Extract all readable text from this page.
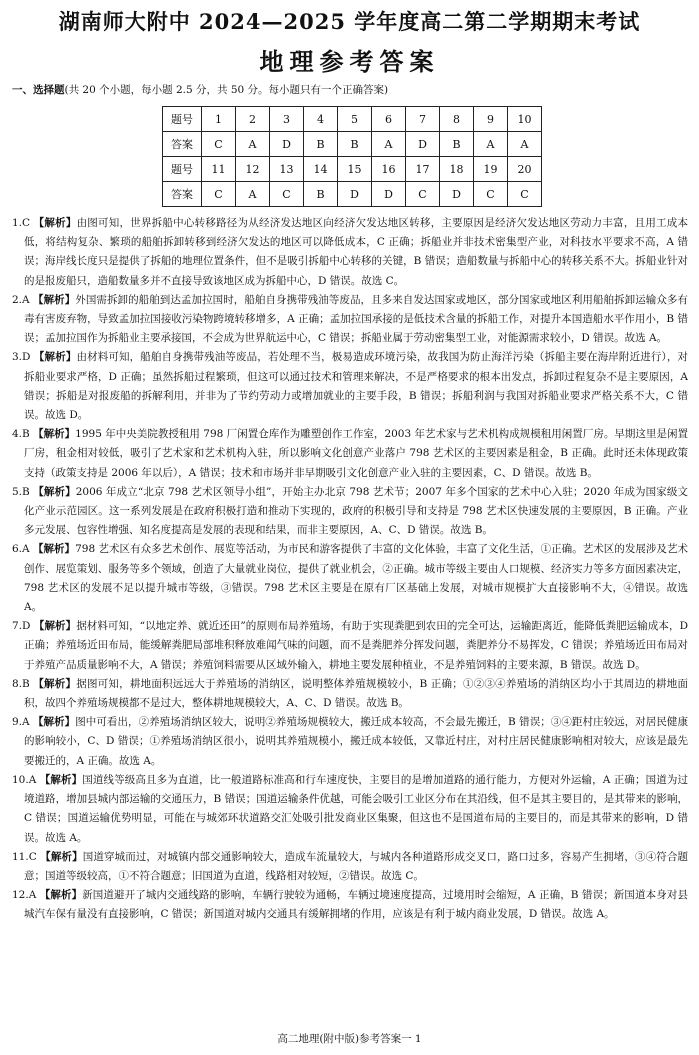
湖南师大附中 2024—2025 学年度高二第二学期期末考试
地理参考答案
一、选择题(共 20 个小题，每小题 2.5 分，共 50 分。每小题只有一个正确答案)
题号	1	2	3	4	5	6	7	8	9	10
答案	C	A	D	B	B	A	D	B	A	A
题号	11	12	13	14	15	16	17	18	19	20
答案	C	A	C	B	D	D	C	D	C	C

1.C 【解析】由图可知，世界拆船中心转移路径为从经济发达地区向经济欠发达地区转移，主要原因是经济欠发达地区劳动力丰富，且用工成本低，将结构复杂、繁琐的船舶拆卸转移到经济欠发达的地区可以降低成本，C 正确；拆船业并非技术密集型产业，对科技水平要求不高，A 错误；海岸线长度只是提供了拆船的地理位置条件，但不是吸引拆船中心转移的关键，B 错误；造船数量与拆船中心的转移关系不大。拆船业针对的是报废船只，造船数量多并不直接导致该地区成为拆船中心，D 错误。故选 C。

2.A 【解析】外国需拆卸的船舶到达孟加拉国时，船舶自身携带残油等废品，且多来自发达国家或地区，部分国家或地区利用船舶拆卸运输众多有毒有害废弃物，导致孟加拉国接收污染物跨境转移增多，A 正确；孟加拉国承接的是低技术含量的拆船工作，对提升本国造船水平作用小，B 错误；孟加拉国作为拆船业主要承接国，不会成为世界航运中心，C 错误；拆船业属于劳动密集型工业，对能源需求较小，D 错误。故选 A。

3.D 【解析】由材料可知，船舶自身携带残油等废品，若处理不当，极易造成环境污染，故我国为防止海洋污染（拆船主要在海岸附近进行），对拆船业要求严格，D 正确；虽然拆船过程繁琐，但这可以通过技术和管理来解决，不是严格要求的根本出发点，拆卸过程复杂不是主要原因，A 错误；拆船是对报废船的拆解利用，并非为了节约劳动力或增加就业的主要手段，B 错误；拆船利润与我国对拆船业要求严格关系不大，C 错误。故选 D。

4.B 【解析】1995 年中央美院教授租用 798 厂闲置仓库作为雕塑创作工作室，2003 年艺术家与艺术机构成规模租用闲置厂房。早期这里是闲置厂房，租金相对较低，吸引了艺术家和艺术机构入驻，所以影响文化创意产业落户 798 艺术区的主要因素是租金，B 正确。此时还未体现政策支持（政策支持是 2006 年以后），A 错误；技术和市场并非早期吸引文化创意产业入驻的主要因素，C、D 错误。故选 B。

5.B 【解析】2006 年成立“北京 798 艺术区领导小组”，开始主办北京 798 艺术节；2007 年多个国家的艺术中心入驻；2020 年成为国家级文化产业示范园区。这一系列发展是在政府积极打造和推动下实现的，政府的积极引导和支持是 798 艺术区快速发展的主要原因，B 正确。产业多元发展、包容性增强、知名度提高是发展的表现和结果，而非主要原因，A、C、D 错误。故选 B。

6.A 【解析】798 艺术区有众多艺术创作、展览等活动，为市民和游客提供了丰富的文化体验，丰富了文化生活，①正确。艺术区的发展涉及艺术创作、展览策划、服务等多个领域，创造了大量就业岗位，提供了就业机会，②正确。城市等级主要由人口规模、经济实力等多方面因素决定，798 艺术区的发展不足以提升城市等级，③错误。798 艺术区主要是在原有厂区基础上发展，对城市规模扩大直接影响不大，④错误。故选 A。

7.D 【解析】据材料可知，“以地定养、就近还田”的原则布局养殖场，有助于实现粪肥到农田的完全可达，运输距离近，能降低粪肥运输成本，D 正确；养殖场近田布局，能缓解粪肥局部堆积释放难闻气味的问题，而不是粪肥养分挥发问题，粪肥养分不易挥发，C 错误；养殖场近田布局对于养殖产品质量影响不大，A 错误；养殖饲料需要从区域外输入，耕地主要发展种植业，不是养殖饲料的主要来源，B 错误。故选 D。

8.B 【解析】据图可知，耕地面积远远大于养殖场的消纳区，说明整体养殖规模较小，B 正确；①②③④养殖场的消纳区均小于其周边的耕地面积，故四个养殖场规模都不是过大，整体耕地规模较大，A、C、D 错误。故选 B。

9.A 【解析】图中可看出，②养殖场消纳区较大，说明②养殖场规模较大，搬迁成本较高，不会最先搬迁，B 错误；③④距村庄较远，对居民健康的影响较小，C、D 错误；①养殖场消纳区很小，说明其养殖规模小，搬迁成本较低，又靠近村庄，对村庄居民健康影响相对较大，应该是最先要搬迁的，A 正确。故选 A。

10.A 【解析】国道线等级高且多为直道，比一般道路标准高和行车速度快，主要目的是增加道路的通行能力，方便对外运输，A 正确；国道为过境道路，增加县城内部运输的交通压力，B 错误；国道运输条件优越，可能会吸引工业区分布在其沿线，但不是其主要目的，是其带来的影响，C 错误；国道运输优势明显，可能在与城郊环状道路交汇处吸引批发商业区集聚，但这也不是国道布局的主要目的，而是其带来的影响，D 错误。故选 A。

11.C 【解析】国道穿城而过，对城镇内部交通影响较大，造成车流量较大，与城内各种道路形成交叉口，路口过多，容易产生拥堵，③④符合题意；国道等级较高，①不符合题意；旧国道为直道，线路相对较短，②错误。故选 C。

12.A 【解析】新国道避开了城内交通线路的影响，车辆行驶较为通畅，车辆过境速度提高，过境用时会缩短，A 正确，B 错误；新国道本身对县城汽车保有量没有直接影响，C 错误；新国道对城内交通具有缓解拥堵的作用，应该是有利于城内商业发展，D 错误。故选 A。

高二地理(附中版)参考答案一 1
